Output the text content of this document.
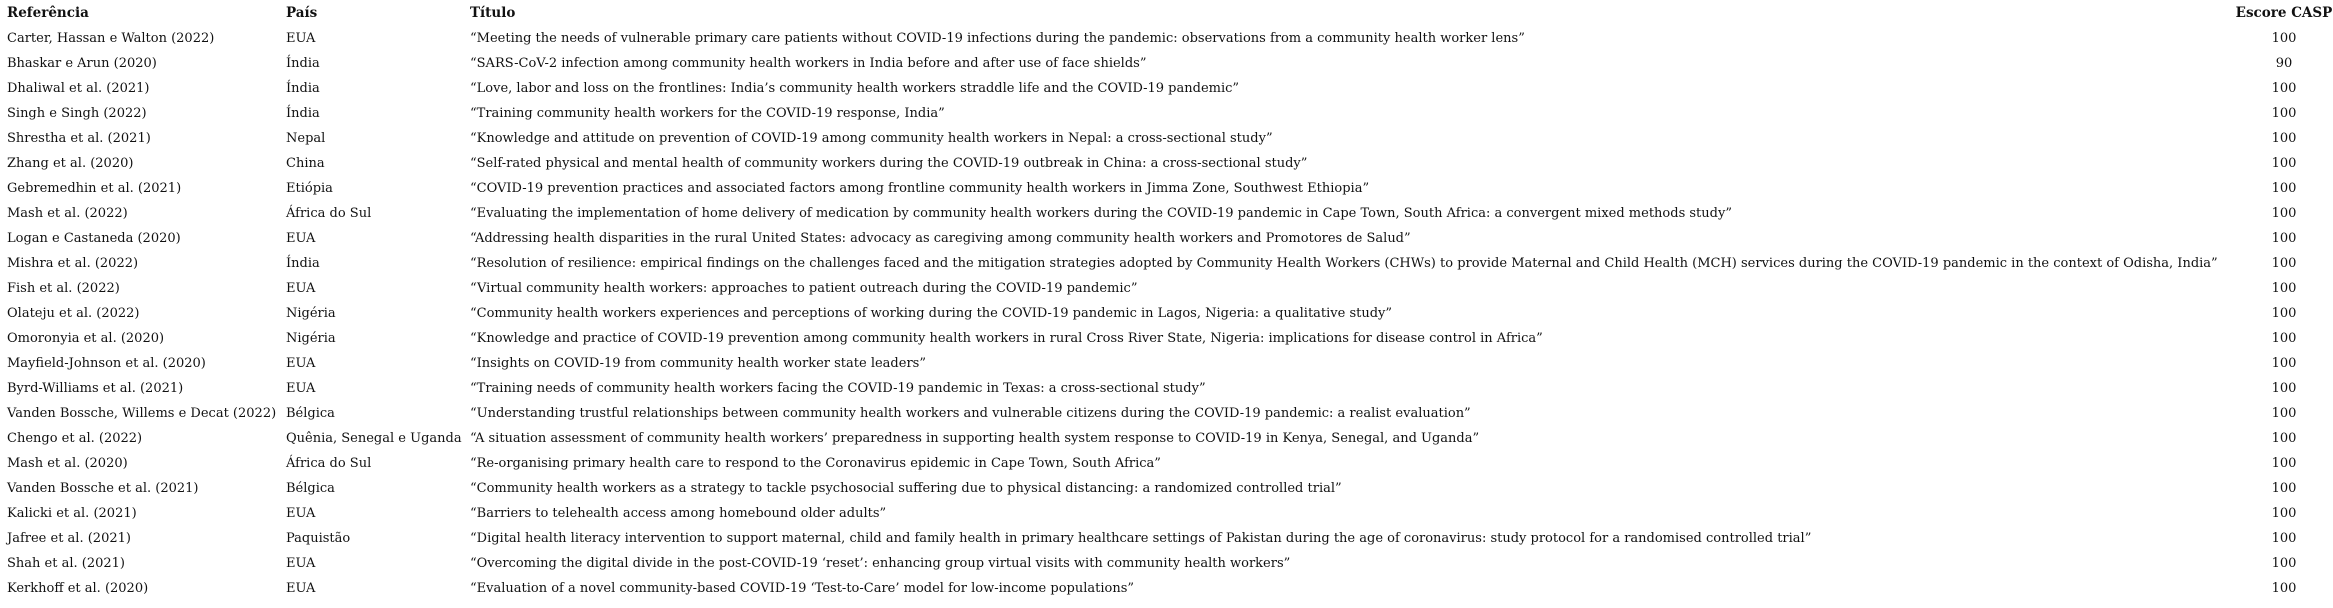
Referência	País	Título	Escore CASP
Carter, Hassan e Walton (2022)	EUA	“Meeting the needs of vulnerable primary care patients without COVID-19 infections during the pandemic: observations from a community health worker lens”	100
Bhaskar e Arun (2020)	Índia	“SARS-CoV-2 infection among community health workers in India before and after use of face shields”	90
Dhaliwal et al. (2021)	Índia	“Love, labor and loss on the frontlines: India’s community health workers straddle life and the COVID-19 pandemic”	100
Singh e Singh (2022)	Índia	“Training community health workers for the COVID-19 response, India”	100
Shrestha et al. (2021)	Nepal	“Knowledge and attitude on prevention of COVID-19 among community health workers in Nepal: a cross-sectional study”	100
Zhang et al. (2020)	China	“Self-rated physical and mental health of community workers during the COVID-19 outbreak in China: a cross-sectional study”	100
Gebremedhin et al. (2021)	Etiópia	“COVID-19 prevention practices and associated factors among frontline community health workers in Jimma Zone, Southwest Ethiopia”	100
Mash et al. (2022)	África do Sul	“Evaluating the implementation of home delivery of medication by community health workers during the COVID-19 pandemic in Cape Town, South Africa: a convergent mixed methods study”	100
Logan e Castaneda (2020)	EUA	“Addressing health disparities in the rural United States: advocacy as caregiving among community health workers and Promotores de Salud”	100
Mishra et al. (2022)	Índia	“Resolution of resilience: empirical findings on the challenges faced and the mitigation strategies adopted by Community Health Workers (CHWs) to provide Maternal and Child Health (MCH) services during the COVID-19 pandemic in the context of Odisha, India”	100
Fish et al. (2022)	EUA	“Virtual community health workers: approaches to patient outreach during the COVID-19 pandemic”	100
Olateju et al. (2022)	Nigéria	“Community health workers experiences and perceptions of working during the COVID-19 pandemic in Lagos, Nigeria: a qualitative study”	100
Omoronyia et al. (2020)	Nigéria	“Knowledge and practice of COVID-19 prevention among community health workers in rural Cross River State, Nigeria: implications for disease control in Africa”	100
Mayfield-Johnson et al. (2020)	EUA	“Insights on COVID-19 from community health worker state leaders”	100
Byrd-Williams et al. (2021)	EUA	“Training needs of community health workers facing the COVID-19 pandemic in Texas: a cross-sectional study”	100
Vanden Bossche, Willems e Decat (2022)	Bélgica	“Understanding trustful relationships between community health workers and vulnerable citizens during the COVID-19 pandemic: a realist evaluation”	100
Chengo et al. (2022)	Quênia, Senegal e Uganda	“A situation assessment of community health workers’ preparedness in supporting health system response to COVID-19 in Kenya, Senegal, and Uganda”	100
Mash et al. (2020)	África do Sul	“Re-organising primary health care to respond to the Coronavirus epidemic in Cape Town, South Africa”	100
Vanden Bossche et al. (2021)	Bélgica	“Community health workers as a strategy to tackle psychosocial suffering due to physical distancing: a randomized controlled trial”	100
Kalicki et al. (2021)	EUA	“Barriers to telehealth access among homebound older adults”	100
Jafree et al. (2021)	Paquistão	“Digital health literacy intervention to support maternal, child and family health in primary healthcare settings of Pakistan during the age of coronavirus: study protocol for a randomised controlled trial”	100
Shah et al. (2021)	EUA	“Overcoming the digital divide in the post-COVID-19 ‘reset’: enhancing group virtual visits with community health workers”	100
Kerkhoff et al. (2020)	EUA	“Evaluation of a novel community-based COVID-19 ‘Test-to-Care’ model for low-income populations”	100
